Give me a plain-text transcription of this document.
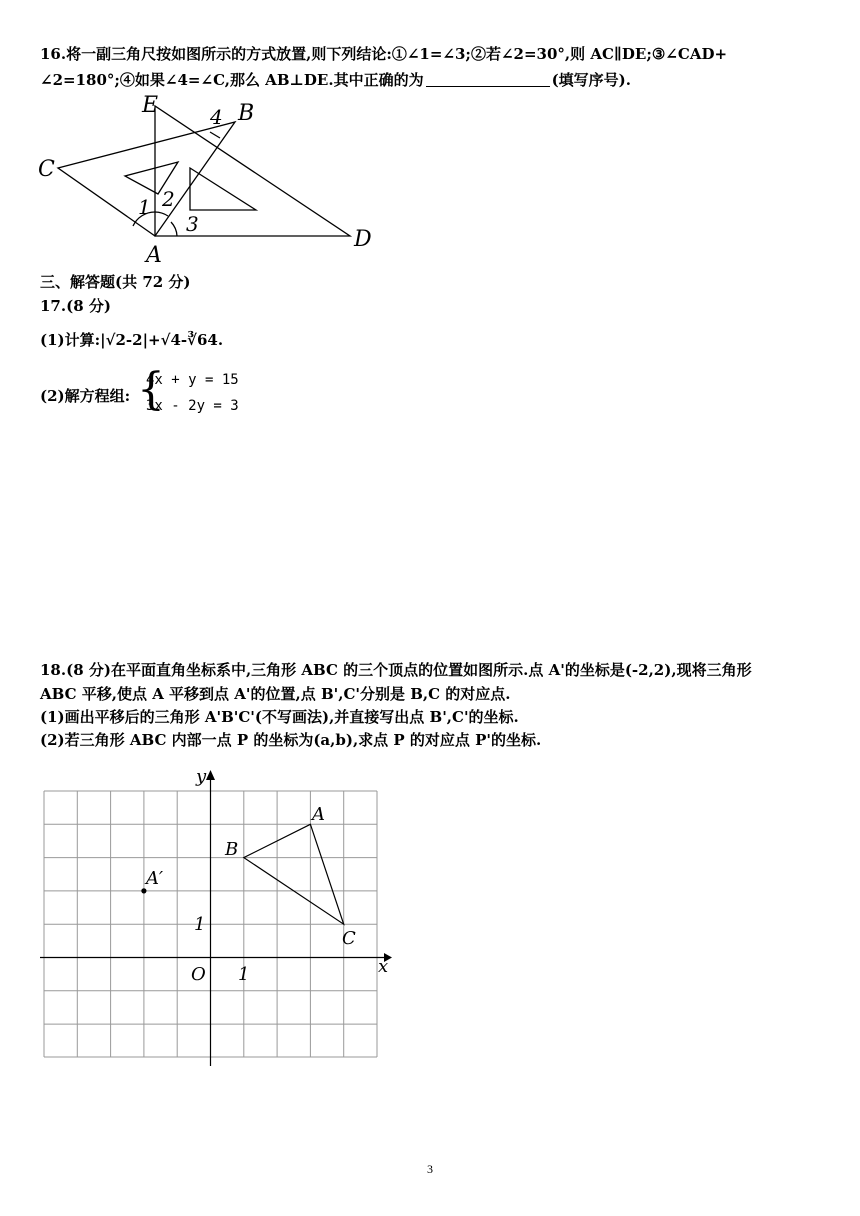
16.将一副三角尺按如图所示的方式放置,则下列结论:①∠1=∠3;②若∠2=30°,则 AC∥DE;③∠CAD+
∠2=180°;④如果∠4=∠C,那么 AB⊥DE.其中正确的为	(填写序号).
E	B
C
A
D
4
1 2
3
三、解答题(共 72 分)
17.(8 分)
(1)计算:|√2-2|+√4-∛64.
(2)解方程组: {
4x + y = 15
3x - 2y = 3
18.(8 分)在平面直角坐标系中,三角形 ABC 的三个顶点的位置如图所示.点 A'的坐标是(-2,2),现将三角形
ABC 平移,使点 A 平移到点 A'的位置,点 B',C'分别是 B,C 的对应点.
(1)画出平移后的三角形 A'B'C'(不写画法),并直接写出点 B',C'的坐标.
(2)若三角形 ABC 内部一点 P 的坐标为(a,b),求点 P 的对应点 P'的坐标.
y
x
O 1
1
A
B
C
A′
3
